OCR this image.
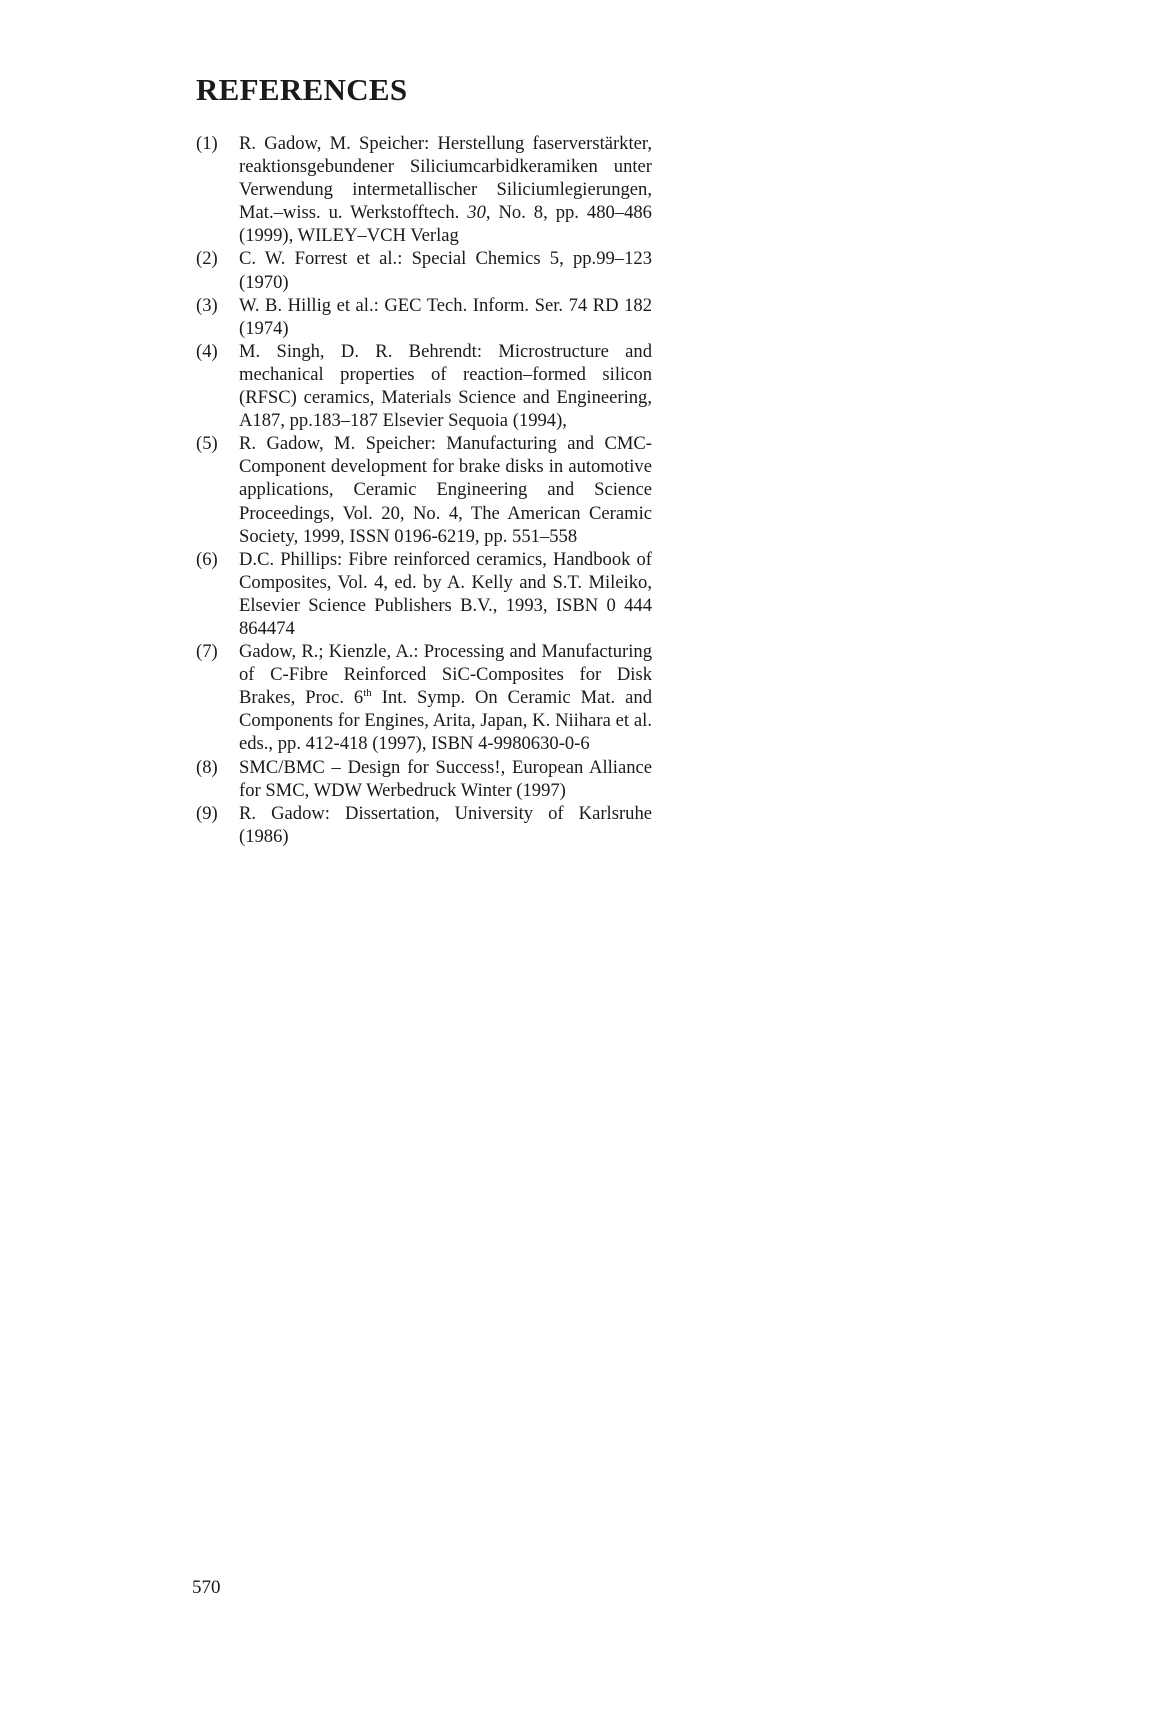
REFERENCES
(1)	R. Gadow, M. Speicher: Herstellung faserverstärkter, reaktionsgebundener Siliciumcarbidkeramiken unter Verwendung intermetallischer Siliciumlegierungen, Mat.–wiss. u. Werkstofftech. 30, No. 8, pp. 480–486 (1999), WILEY–VCH Verlag
(2)	C. W. Forrest et al.: Special Chemics 5, pp.99–123 (1970)
(3)	W. B. Hillig et al.: GEC Tech. Inform. Ser. 74 RD 182 (1974)
(4)	M. Singh, D. R. Behrendt: Microstructure and mechanical properties of reaction–formed silicon (RFSC) ceramics, Materials Science and Engineering, A187, pp.183–187 Elsevier Sequoia (1994),
(5)	R. Gadow, M. Speicher: Manufacturing and CMC-Component development for brake disks in automotive applications, Ceramic Engineering and Science Proceedings, Vol. 20, No. 4, The American Ceramic Society, 1999, ISSN 0196-6219, pp. 551–558
(6)	D.C. Phillips: Fibre reinforced ceramics, Handbook of Composites, Vol. 4, ed. by A. Kelly and S.T. Mileiko, Elsevier Science Publishers B.V., 1993, ISBN 0 444 864474
(7)	Gadow, R.; Kienzle, A.: Processing and Manufacturing of C-Fibre Reinforced SiC-Composites for Disk Brakes, Proc. 6th Int. Symp. On Ceramic Mat. and Components for Engines, Arita, Japan, K. Niihara et al. eds., pp. 412-418 (1997), ISBN 4-9980630-0-6
(8)	SMC/BMC – Design for Success!, European Alliance for SMC, WDW Werbedruck Winter (1997)
(9)	R. Gadow: Dissertation, University of Karlsruhe (1986)
570
